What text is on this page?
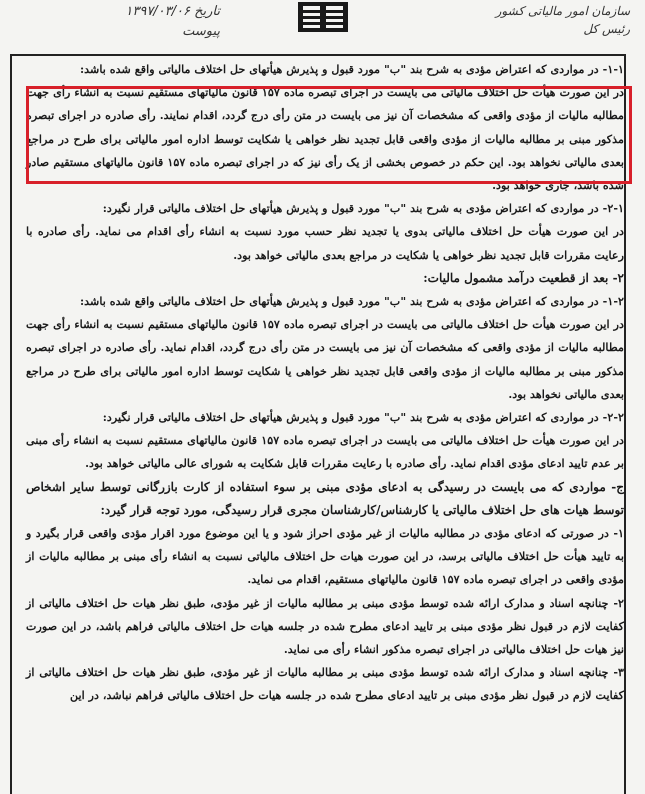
تاریخ ۱۳۹۷/۰۳/۰۶
پیوست
سازمان امور مالیاتی کشور
رئیس کل

۱-۱- در مواردی که اعتراض مؤدی به شرح بند "ب" مورد قبول و پذیرش هیأتهای حل اختلاف مالیاتی واقع شده باشد:

در این صورت هیأت حل اختلاف مالیاتی می بایست در اجرای تبصره ماده ۱۵۷ قانون مالیاتهای مستقیم نسبت به انشاء رأی جهت مطالبه مالیات از مؤدی واقعی که مشخصات آن نیز می بایست در متن رأی درج گردد، اقدام نمایند. رأی صادره در اجرای تبصره مذکور مبنی بر مطالبه مالیات از مؤدی واقعی قابل تجدید نظر خواهی یا شکایت توسط اداره امور مالیاتی برای طرح در مراجع بعدی مالیاتی نخواهد بود. این حکم در خصوص بخشی از یک رأی نیز که در اجرای تبصره ماده ۱۵۷ قانون مالیاتهای مستقیم صادر شده باشد، جاری خواهد بود.

۲-۱- در مواردی که اعتراض مؤدی به شرح بند "ب" مورد قبول و پذیرش هیأتهای حل اختلاف مالیاتی قرار نگیرد:

در این صورت هیأت حل اختلاف مالیاتی بدوی یا تجدید نظر حسب مورد نسبت به انشاء رأی اقدام می نماید. رأی صادره با رعایت مقررات قابل تجدید نظر خواهی یا شکایت در مراجع بعدی مالیاتی خواهد بود.

۲- بعد از قطعیت درآمد مشمول مالیات:

۱-۲- در مواردی که اعتراض مؤدی به شرح بند "ب" مورد قبول و پذیرش هیأتهای حل اختلاف مالیاتی واقع شده باشد:

در این صورت هیأت حل اختلاف مالیاتی می بایست در اجرای تبصره ماده ۱۵۷ قانون مالیاتهای مستقیم نسبت به انشاء رأی جهت مطالبه مالیات از مؤدی واقعی که مشخصات آن نیز می بایست در متن رأی درج گردد، اقدام نماید. رأی صادره در اجرای تبصره مذکور مبنی بر مطالبه مالیات از مؤدی واقعی قابل تجدید نظر خواهی یا شکایت توسط اداره امور مالیاتی برای طرح در مراجع بعدی مالیاتی نخواهد بود.

۲-۲- در مواردی که اعتراض مؤدی به شرح بند "ب" مورد قبول و پذیرش هیأتهای حل اختلاف مالیاتی قرار نگیرد:

در این صورت هیأت حل اختلاف مالیاتی می بایست در اجرای تبصره ماده ۱۵۷ قانون مالیاتهای مستقیم نسبت به انشاء رأی مبنی بر عدم تایید ادعای مؤدی اقدام نماید. رأی صادره با رعایت مقررات قابل شکایت به شورای عالی مالیاتی خواهد بود.

ج- مواردی که می بایست در رسیدگی به ادعای مؤدی مبنی بر سوء استفاده از کارت بازرگانی توسط سایر اشخاص توسط هیات های حل اختلاف مالیاتی یا کارشناس/کارشناسان مجری قرار رسیدگی، مورد توجه قرار گیرد:

۱- در صورتی که ادعای مؤدی در مطالبه مالیات از غیر مؤدی احراز شود و یا این موضوع مورد اقرار مؤدی واقعی قرار بگیرد و به تایید هیأت حل اختلاف مالیاتی برسد، در این صورت هیات حل اختلاف مالیاتی نسبت به انشاء رأی مبنی بر مطالبه مالیات از مؤدی واقعی در اجرای تبصره ماده ۱۵۷ قانون مالیاتهای مستقیم، اقدام می نماید.

۲- چنانچه اسناد و مدارک ارائه شده توسط مؤدی مبنی بر مطالبه مالیات از غیر مؤدی، طبق نظر هیات حل اختلاف مالیاتی از کفایت لازم در قبول نظر مؤدی مبنی بر تایید ادعای مطرح شده در جلسه هیات حل اختلاف مالیاتی فراهم باشد، در این صورت نیز هیات حل اختلاف مالیاتی در اجرای تبصره مذکور انشاء رأی می نماید.

۳- چنانچه اسناد و مدارک ارائه شده توسط مؤدی مبنی بر مطالبه مالیات از غیر مؤدی، طبق نظر هیات حل اختلاف مالیاتی از کفایت لازم در قبول نظر مؤدی مبنی بر تایید ادعای مطرح شده در جلسه هیات حل اختلاف مالیاتی فراهم نباشد، در این
